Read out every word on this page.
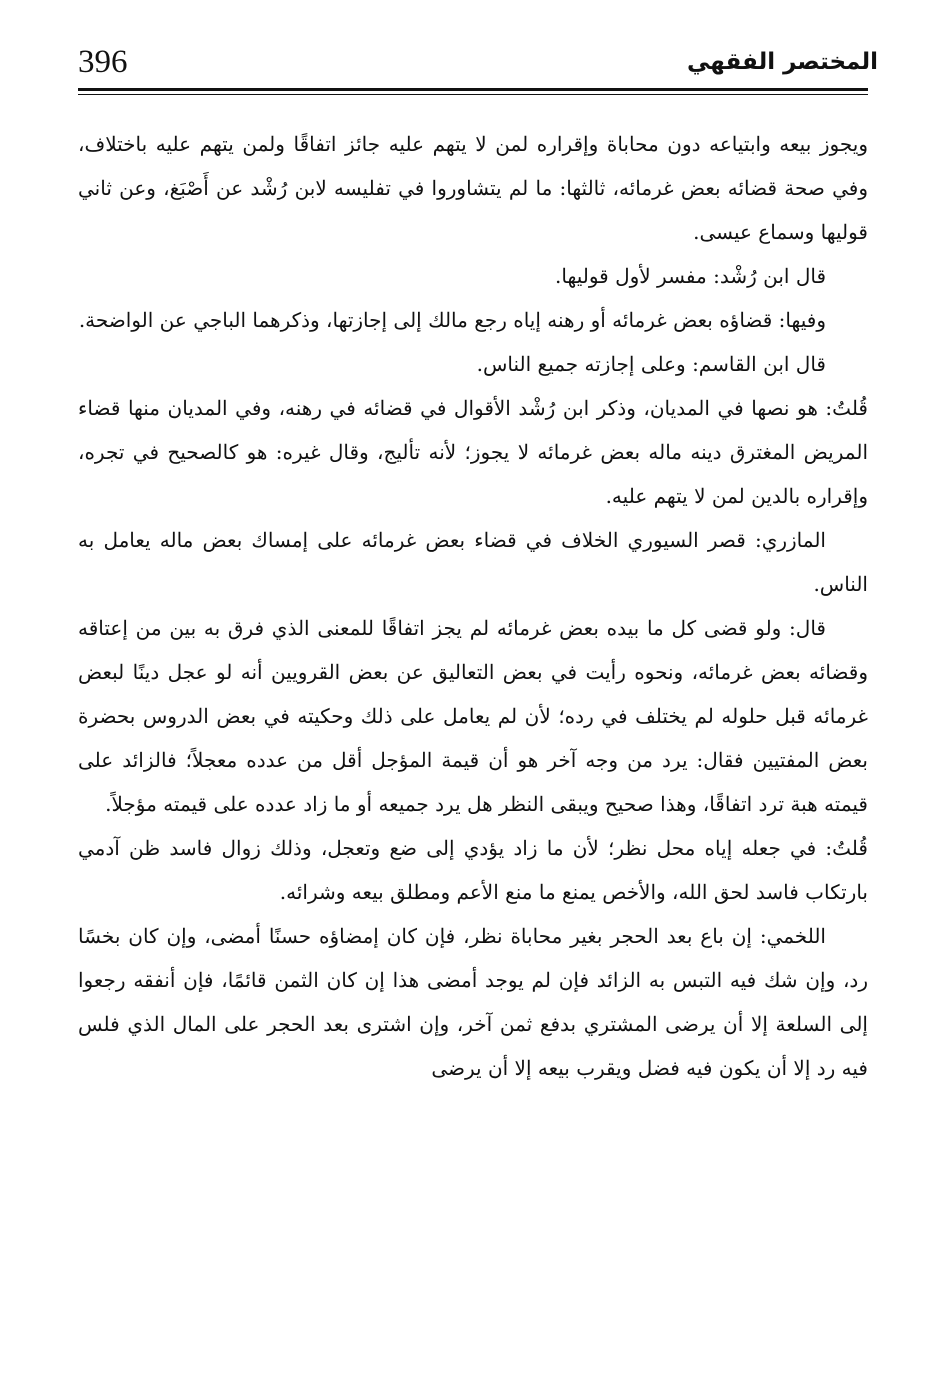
396	المختصر الفقهي

ويجوز بيعه وابتياعه دون محاباة وإقراره لمن لا يتهم عليه جائز اتفاقًا ولمن يتهم عليه باختلاف، وفي صحة قضائه بعض غرمائه، ثالثها: ما لم يتشاوروا في تفليسه لابن رُشْد عن أَصْبَغ، وعن ثاني قوليها وسماع عيسى.

قال ابن رُشْد: مفسر لأول قوليها.

وفيها: قضاؤه بعض غرمائه أو رهنه إياه رجع مالك إلى إجازتها، وذكرهما الباجي عن الواضحة.

قال ابن القاسم: وعلى إجازته جميع الناس.

قُلتُ: هو نصها في المديان، وذكر ابن رُشْد الأقوال في قضائه في رهنه، وفي المديان منها قضاء المريض المغترق دينه ماله بعض غرمائه لا يجوز؛ لأنه تأليج، وقال غيره: هو كالصحيح في تجره، وإقراره بالدين لمن لا يتهم عليه.

المازري: قصر السيوري الخلاف في قضاء بعض غرمائه على إمساك بعض ماله يعامل به الناس.

قال: ولو قضى كل ما بيده بعض غرمائه لم يجز اتفاقًا للمعنى الذي فرق به بين من إعتاقه وقضائه بعض غرمائه، ونحوه رأيت في بعض التعاليق عن بعض القرويين أنه لو عجل دينًا لبعض غرمائه قبل حلوله لم يختلف في رده؛ لأن لم يعامل على ذلك وحكيته في بعض الدروس بحضرة بعض المفتيين فقال: يرد من وجه آخر هو أن قيمة المؤجل أقل من عدده معجلاً؛ فالزائد على قيمته هبة ترد اتفاقًا، وهذا صحيح ويبقى النظر هل يرد جميعه أو ما زاد عدده على قيمته مؤجلاً.

قُلتُ: في جعله إياه محل نظر؛ لأن ما زاد يؤدي إلى ضع وتعجل، وذلك زوال فاسد ظن آدمي بارتكاب فاسد لحق الله، والأخص يمنع ما منع الأعم ومطلق بيعه وشرائه.

اللخمي: إن باع بعد الحجر بغير محاباة نظر، فإن كان إمضاؤه حسنًا أمضى، وإن كان بخسًا رد، وإن شك فيه التبس به الزائد فإن لم يوجد أمضى هذا إن كان الثمن قائمًا، فإن أنفقه رجعوا إلى السلعة إلا أن يرضى المشتري بدفع ثمن آخر، وإن اشترى بعد الحجر على المال الذي فلس فيه رد إلا أن يكون فيه فضل ويقرب بيعه إلا أن يرضى
